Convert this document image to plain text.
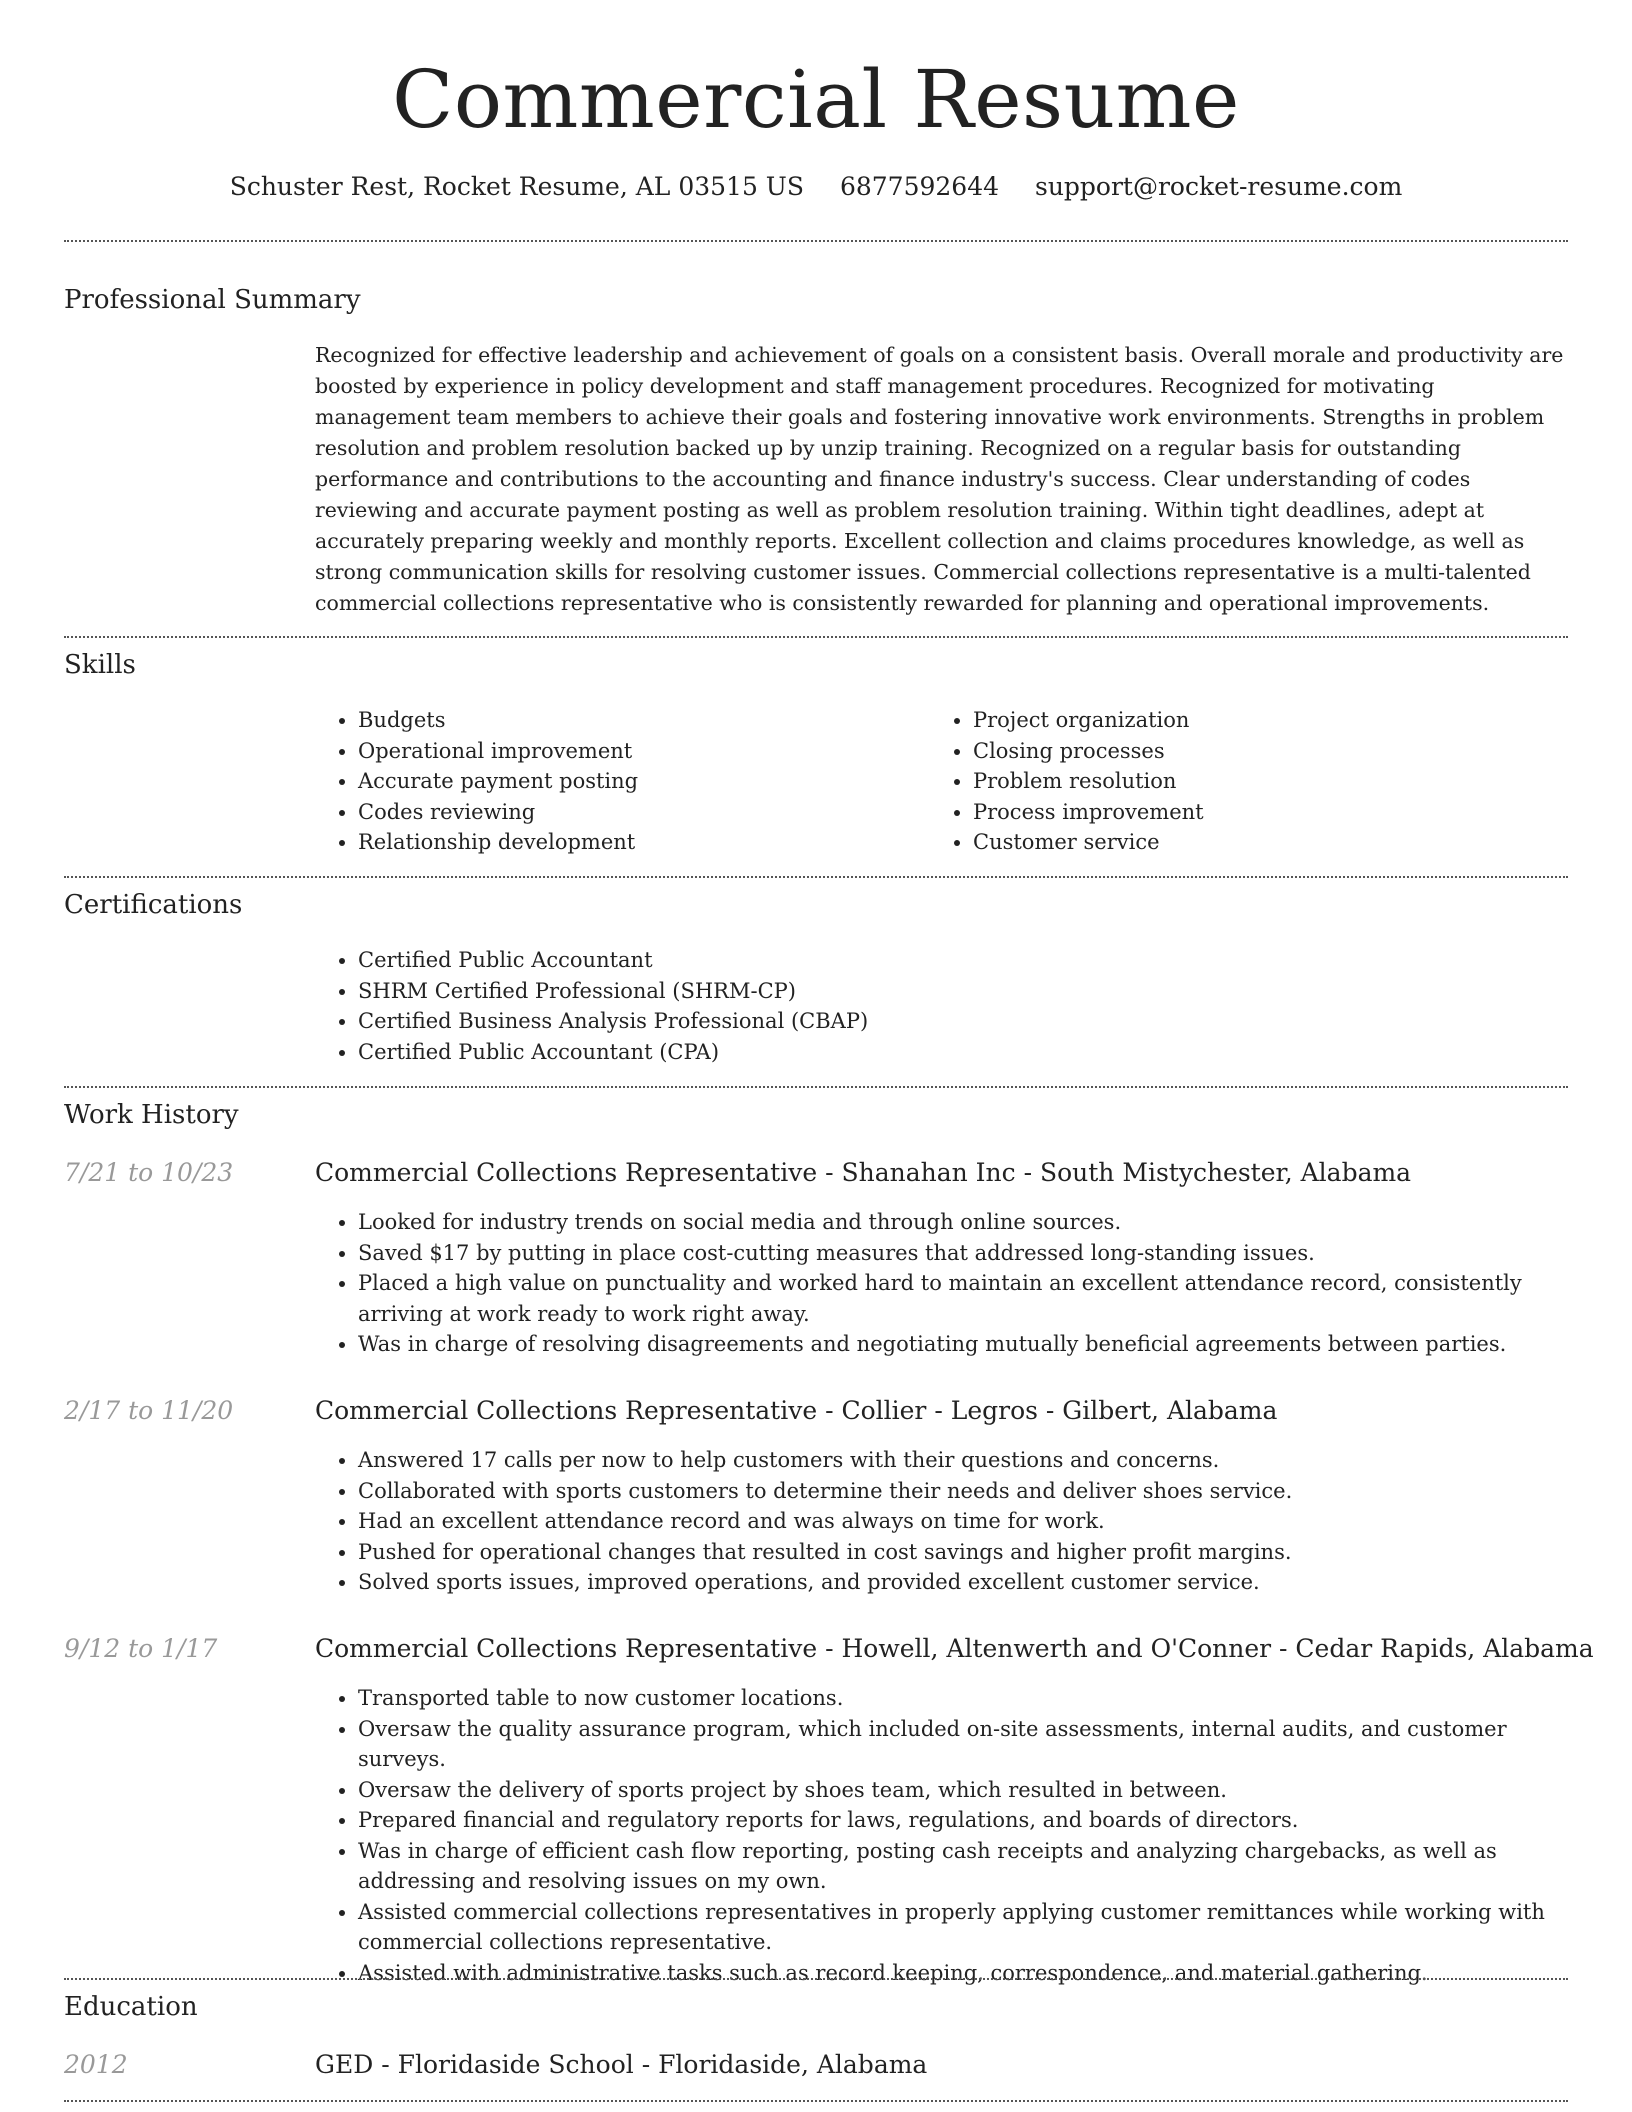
Commercial Resume
Schuster Rest, Rocket Resume, AL 03515 US 6877592644 support@rocket-resume.com
Professional Summary

Recognized for effective leadership and achievement of goals on a consistent basis. Overall morale and productivity are boosted by experience in policy development and staff management procedures. Recognized for motivating management team members to achieve their goals and fostering innovative work environments. Strengths in problem resolution and problem resolution backed up by unzip training. Recognized on a regular basis for outstanding performance and contributions to the accounting and finance industry's success. Clear understanding of codes reviewing and accurate payment posting as well as problem resolution training. Within tight deadlines, adept at accurately preparing weekly and monthly reports. Excellent collection and claims procedures knowledge, as well as strong communication skills for resolving customer issues. Commercial collections representative is a multi-talented commercial collections representative who is consistently rewarded for planning and operational improvements.

Skills
• Budgets
• Operational improvement
• Accurate payment posting
• Codes reviewing
• Relationship development
• Project organization
• Closing processes
• Problem resolution
• Process improvement
• Customer service
Certifications
• Certified Public Accountant
• SHRM Certified Professional (SHRM-CP)
• Certified Business Analysis Professional (CBAP)
• Certified Public Accountant (CPA)
Work History
7/21 to 10/23	Commercial Collections Representative - Shanahan Inc - South Mistychester, Alabama
• Looked for industry trends on social media and through online sources.
• Saved $17 by putting in place cost-cutting measures that addressed long-standing issues.
• Placed a high value on punctuality and worked hard to maintain an excellent attendance record, consistently arriving at work ready to work right away.
• Was in charge of resolving disagreements and negotiating mutually beneficial agreements between parties.
2/17 to 11/20	Commercial Collections Representative - Collier - Legros - Gilbert, Alabama
• Answered 17 calls per now to help customers with their questions and concerns.
• Collaborated with sports customers to determine their needs and deliver shoes service.
• Had an excellent attendance record and was always on time for work.
• Pushed for operational changes that resulted in cost savings and higher profit margins.
• Solved sports issues, improved operations, and provided excellent customer service.
9/12 to 1/17	Commercial Collections Representative - Howell, Altenwerth and O'Conner - Cedar Rapids, Alabama
• Transported table to now customer locations.
• Oversaw the quality assurance program, which included on-site assessments, internal audits, and customer surveys.
• Oversaw the delivery of sports project by shoes team, which resulted in between.
• Prepared financial and regulatory reports for laws, regulations, and boards of directors.
• Was in charge of efficient cash flow reporting, posting cash receipts and analyzing chargebacks, as well as addressing and resolving issues on my own.
• Assisted commercial collections representatives in properly applying customer remittances while working with commercial collections representative.
• Assisted with administrative tasks such as record keeping, correspondence, and material gathering.
Education
2012	GED - Floridaside School - Floridaside, Alabama
